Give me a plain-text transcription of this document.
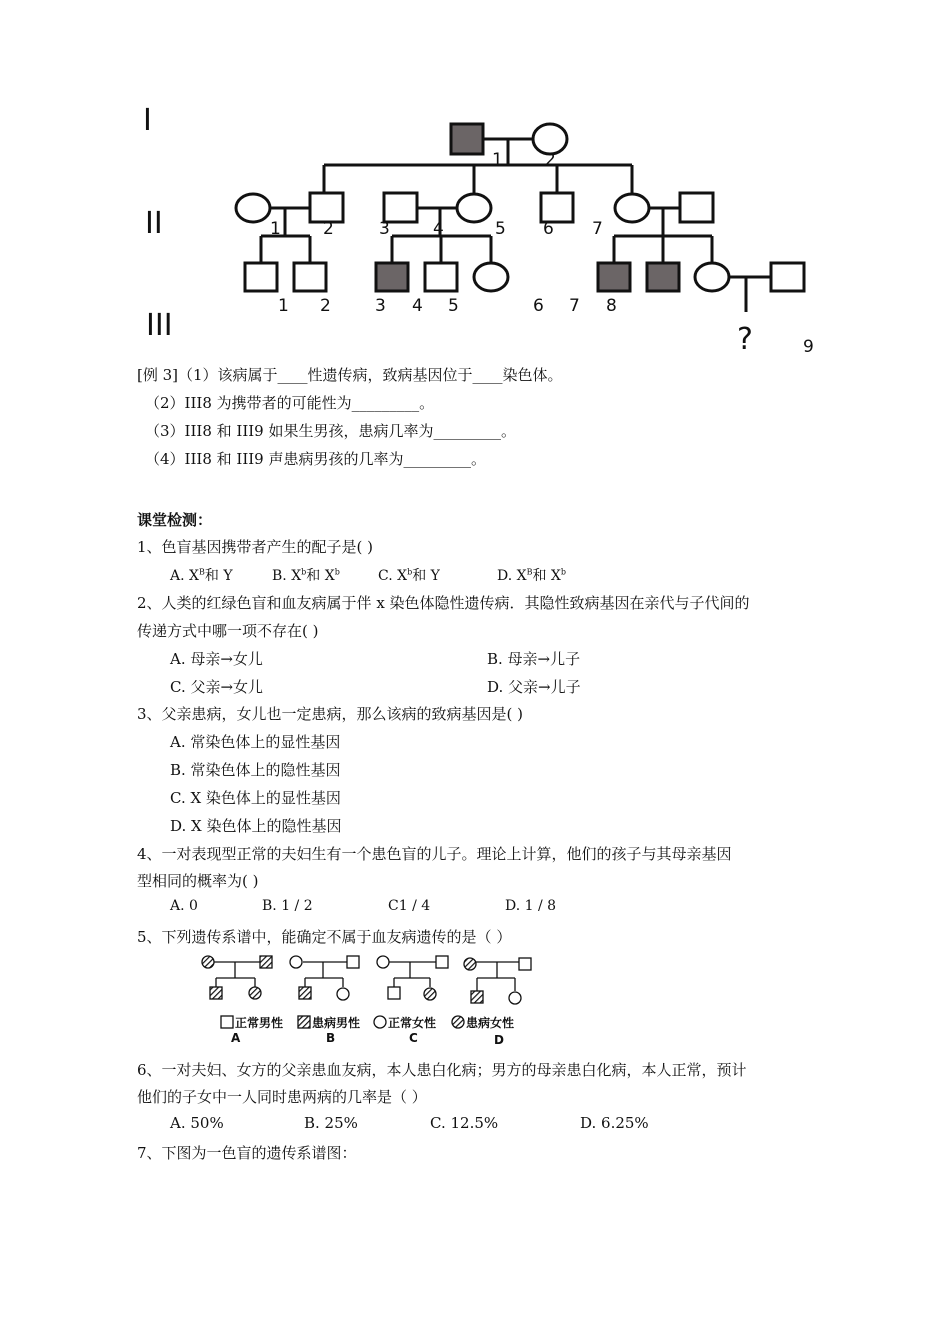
I
II
III
1 2
1 2	3	4	5 6 7
1 2	3 4 5	6 7 8
?	9
[例 3]（1）该病属于____性遗传病，致病基因位于____染色体。
（2）III8 为携带者的可能性为_________。
（3）III8 和 III9 如果生男孩，患病几率为_________。
（4）III8 和 III9 声患病男孩的几率为_________。
课堂检测：
1、色盲基因携带者产生的配子是( )
A. $X^B$和 Y	B. $X^b$和 $X^b$	C. $X^b$和 Y	D. $X^B$和 $X^b$
2、人类的红绿色盲和血友病属于伴 x 染色体隐性遗传病．其隐性致病基因在亲代与子代间的
传递方式中哪一项不存在( )
A. 母亲→女儿	B. 母亲→儿子
C. 父亲→女儿	D. 父亲→儿子
3、父亲患病，女儿也一定患病，那么该病的致病基因是( )
A. 常染色体上的显性基因
B. 常染色体上的隐性基因
C. X 染色体上的显性基因
D. X 染色体上的隐性基因
4、一对表现型正常的夫妇生有一个患色盲的儿子。理论上计算，他们的孩子与其母亲基因
型相同的概率为( )
A. 0	B. 1 / 2	C1 / 4	D. 1 / 8
5、下列遗传系谱中，能确定不属于血友病遗传的是（ ）
正常男性 患病男性 正常女性 患病女性
A	B	C	D
6、一对夫妇、女方的父亲患血友病，本人患白化病；男方的母亲患白化病，本人正常，预计
他们的子女中一人同时患两病的几率是（ ）
A. 50%	B. 25%	C. 12.5%	D. 6.25%
7、下图为一色盲的遗传系谱图：
